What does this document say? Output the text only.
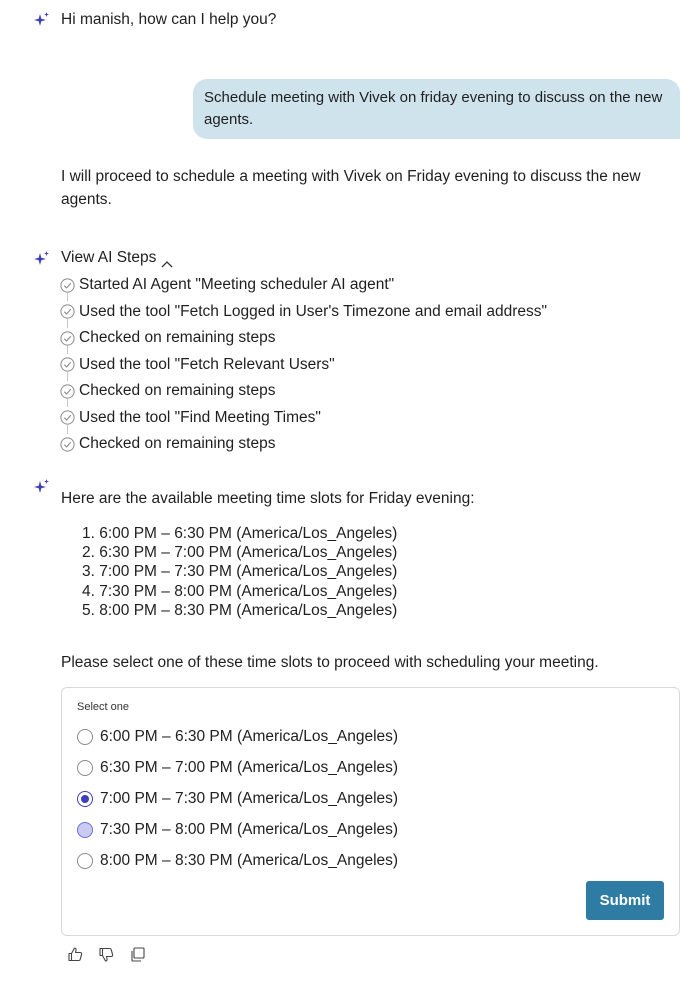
Hi manish, how can I help you?
Schedule meeting with Vivek on friday evening to discuss on the new agents.
I will proceed to schedule a meeting with Vivek on Friday evening to discuss the new agents.
View AI Steps
Started AI Agent "Meeting scheduler AI agent"
Used the tool "Fetch Logged in User's Timezone and email address"
Checked on remaining steps
Used the tool "Fetch Relevant Users"
Checked on remaining steps
Used the tool "Find Meeting Times"
Checked on remaining steps
Here are the available meeting time slots for Friday evening:
1. 6:00 PM – 6:30 PM (America/Los_Angeles)
2. 6:30 PM – 7:00 PM (America/Los_Angeles)
3. 7:00 PM – 7:30 PM (America/Los_Angeles)
4. 7:30 PM – 8:00 PM (America/Los_Angeles)
5. 8:00 PM – 8:30 PM (America/Los_Angeles)
Please select one of these time slots to proceed with scheduling your meeting.
Select one
6:00 PM – 6:30 PM (America/Los_Angeles)
6:30 PM – 7:00 PM (America/Los_Angeles)
7:00 PM – 7:30 PM (America/Los_Angeles)
7:30 PM – 8:00 PM (America/Los_Angeles)
8:00 PM – 8:30 PM (America/Los_Angeles)
Submit
